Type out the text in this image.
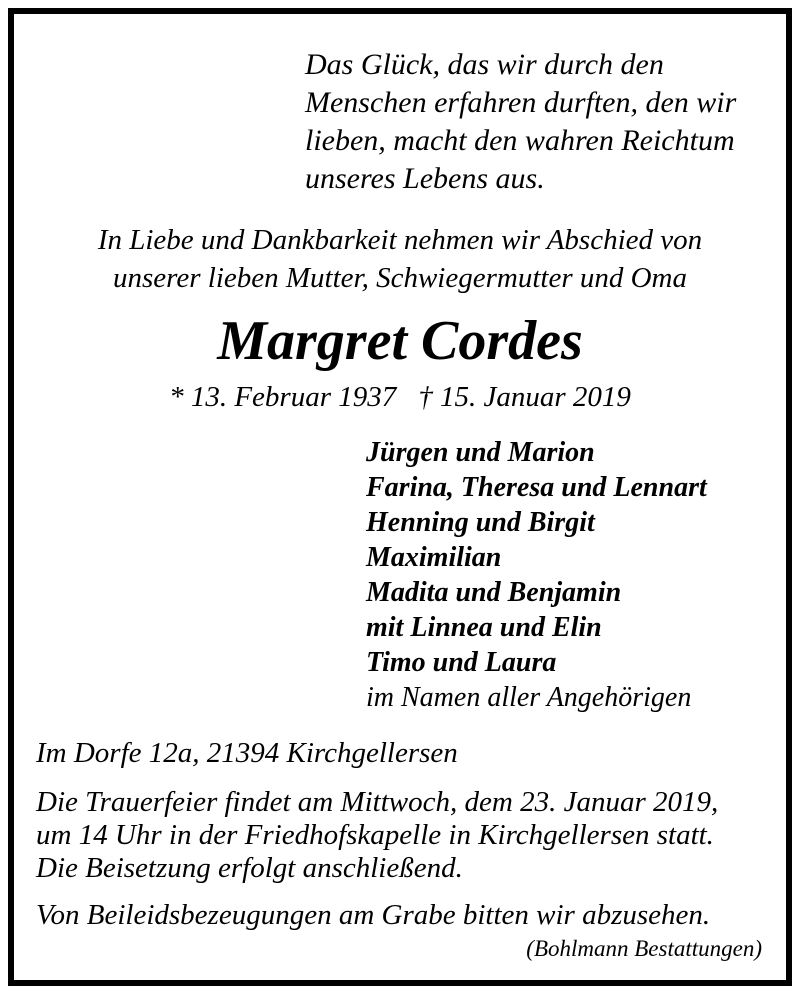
Das Glück, das wir durch den
Menschen erfahren durften, den wir
lieben, macht den wahren Reichtum
unseres Lebens aus.
In Liebe und Dankbarkeit nehmen wir Abschied von
unserer lieben Mutter, Schwiegermutter und Oma
Margret Cordes
* 13. Februar 1937 † 15. Januar 2019
Jürgen und Marion
Farina, Theresa und Lennart
Henning und Birgit
Maximilian
Madita und Benjamin
mit Linnea und Elin
Timo und Laura
im Namen aller Angehörigen
Im Dorfe 12a, 21394 Kirchgellersen
Die Trauerfeier findet am Mittwoch, dem 23. Januar 2019,
um 14 Uhr in der Friedhofskapelle in Kirchgellersen statt.
Die Beisetzung erfolgt anschließend.
Von Beileidsbezeugungen am Grabe bitten wir abzusehen.
(Bohlmann Bestattungen)
